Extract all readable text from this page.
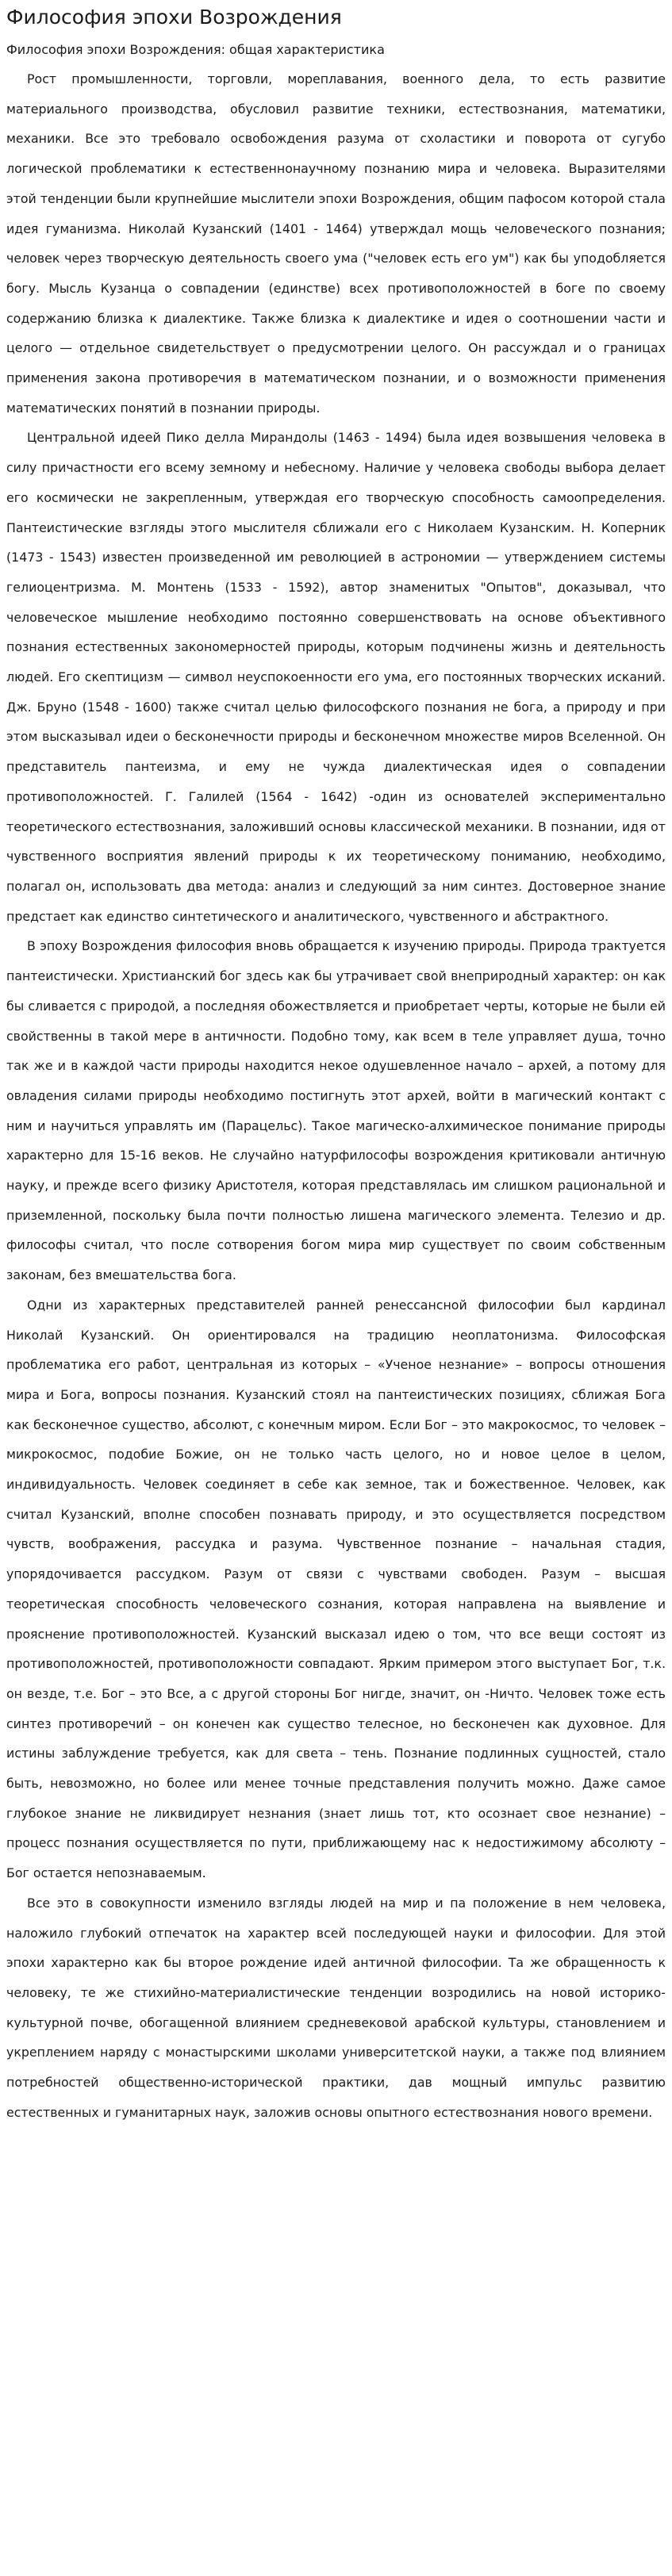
Философия эпохи Возрождения
Философия эпохи Возрождения: общая характеристика

Рост промышленности, торговли, мореплавания, военного дела, то есть развитие материального производства, обусловил развитие техники, естествознания, математики, механики. Все это требовало освобождения разума от схоластики и поворота от сугубо логической проблематики к естественнонаучному познанию мира и человека. Выразителями этой тенденции были крупнейшие мыслители эпохи Возрождения, общим пафосом которой стала идея гуманизма. Николай Кузанский (1401 - 1464) утверждал мощь человеческого познания; человек через творческую деятельность своего ума ("человек есть его ум") как бы уподобляется богу. Мысль Кузанца о совпадении (единстве) всех противоположностей в боге по своему содержанию близка к диалектике. Также близка к диалектике и идея о соотношении части и целого — отдельное свидетельствует о предусмотрении целого. Он рассуждал и о границах применения закона противоречия в математическом познании, и о возможности применения математических понятий в познании природы.

Центральной идеей Пико делла Мирандолы (1463 - 1494) была идея возвышения человека в силу причастности его всему земному и небесному. Наличие у человека свободы выбора делает его космически не закрепленным, утверждая его творческую способность самоопределения. Пантеистические взгляды этого мыслителя сближали его с Николаем Кузанским. Н. Коперник (1473 - 1543) известен произведенной им революцией в астрономии — утверждением системы гелиоцентризма. М. Монтень (1533 - 1592), автор знаменитых "Опытов", доказывал, что человеческое мышление необходимо постоянно совершенствовать на основе объективного познания естественных закономерностей природы, которым подчинены жизнь и деятельность людей. Его скептицизм — символ неуспокоенности его ума, его постоянных творческих исканий. Дж. Бруно (1548 - 1600) также считал целью философского познания не бога, а природу и при этом высказывал идеи о бесконечности природы и бесконечном множестве миров Вселенной. Он представитель пантеизма, и ему не чужда диалектическая идея о совпадении противоположностей. Г. Галилей (1564 - 1642) -один из основателей экспериментально теоретического естествознания, заложивший основы классической механики. В познании, идя от чувственного восприятия явлений природы к их теоретическому пониманию, необходимо, полагал он, использовать два метода: анализ и следующий за ним синтез. Достоверное знание предстает как единство синтетического и аналитического, чувственного и абстрактного.

В эпоху Возрождения философия вновь обращается к изучению природы. Природа трактуется пантеистически. Христианский бог здесь как бы утрачивает свой внеприродный характер: он как бы сливается с природой, а последняя обожествляется и приобретает черты, которые не были ей свойственны в такой мере в античности. Подобно тому, как всем в теле управляет душа, точно так же и в каждой части природы находится некое одушевленное начало – архей, а потому для овладения силами природы необходимо постигнуть этот архей, войти в магический контакт с ним и научиться управлять им (Парацельс). Такое магическо-алхимическое понимание природы характерно для 15-16 веков. Не случайно натурфилософы возрождения критиковали античную науку, и прежде всего физику Аристотеля, которая представлялась им слишком рациональной и приземленной, поскольку была почти полностью лишена магического элемента. Телезио и др. философы считал, что после сотворения богом мира мир существует по своим собственным законам, без вмешательства бога.

Одни из характерных представителей ранней ренессансной философии был кардинал Николай Кузанский. Он ориентировался на традицию неоплатонизма. Философская проблематика его работ, центральная из которых – «Ученое незнание» – вопросы отношения мира и Бога, вопросы познания. Кузанский стоял на пантеистических позициях, сближая Бога как бесконечное существо, абсолют, с конечным миром. Если Бог – это макрокосмос, то человек – микрокосмос, подобие Божие, он не только часть целого, но и новое целое в целом, индивидуальность. Человек соединяет в себе как земное, так и божественное. Человек, как считал Кузанский, вполне способен познавать природу, и это осуществляется посредством чувств, воображения, рассудка и разума. Чувственное познание – начальная стадия, упорядочивается рассудком. Разум от связи с чувствами свободен. Разум – высшая теоретическая способность человеческого сознания, которая направлена на выявление и прояснение противоположностей. Кузанский высказал идею о том, что все вещи состоят из противоположностей, противоположности совпадают. Ярким примером этого выступает Бог, т.к. он везде, т.е. Бог – это Все, а с другой стороны Бог нигде, значит, он -Ничто. Человек тоже есть синтез противоречий – он конечен как существо телесное, но бесконечен как духовное. Для истины заблуждение требуется, как для света – тень. Познание подлинных сущностей, стало быть, невозможно, но более или менее точные представления получить можно. Даже самое глубокое знание не ликвидирует незнания (знает лишь тот, кто осознает свое незнание) – процесс познания осуществляется по пути, приближающему нас к недостижимому абсолюту – Бог остается непознаваемым.

Все это в совокупности изменило взгляды людей на мир и па положение в нем человека, наложило глубокий отпечаток на характер всей последующей науки и философии. Для этой эпохи характерно как бы второе рождение идей античной философии. Та же обращенность к человеку, те же стихийно-материалистические тенденции возродились на новой историко-культурной почве, обогащенной влиянием средневековой арабской культуры, становлением и укреплением наряду с монастырскими школами университетской науки, а также под влиянием потребностей общественно-исторической практики, дав мощный импульс развитию естественных и гуманитарных наук, заложив основы опытного естествознания нового времени.
